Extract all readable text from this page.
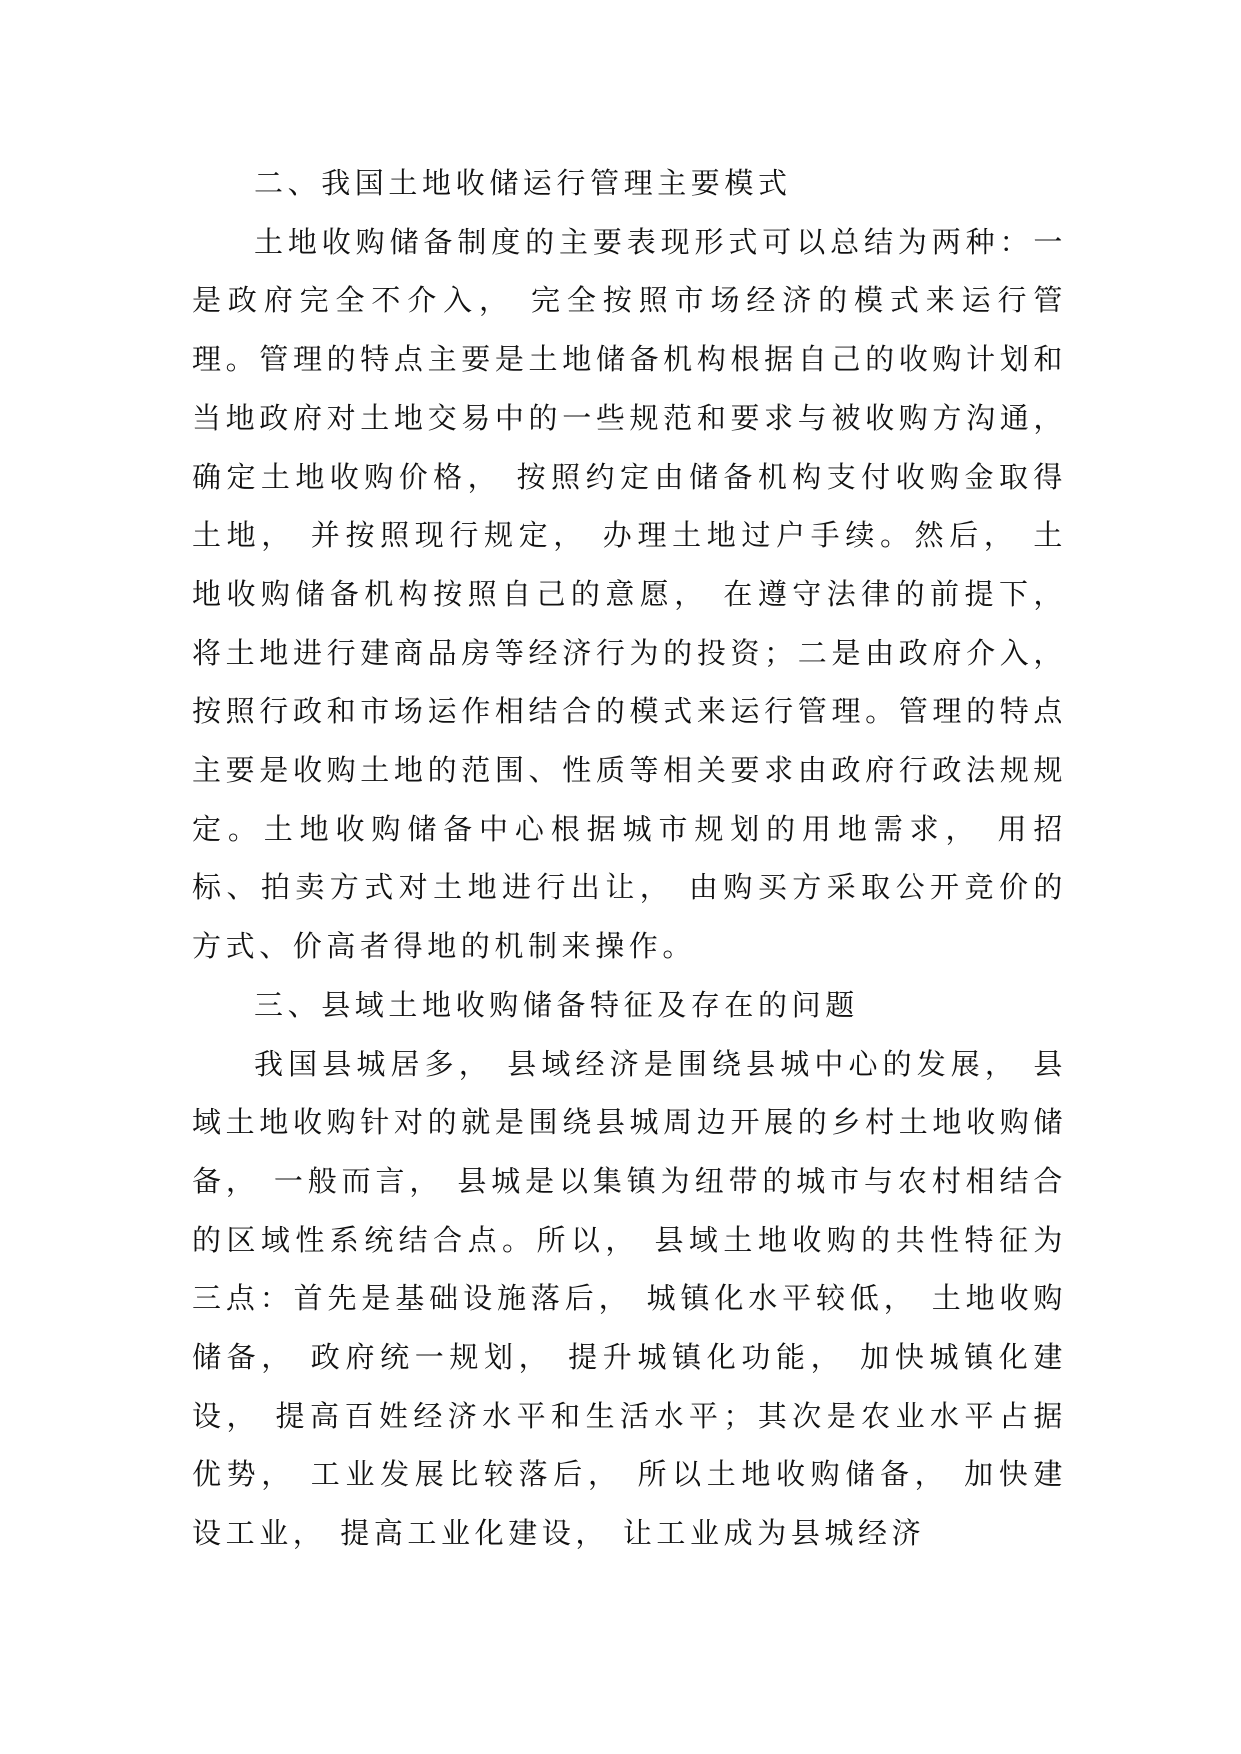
二、我国土地收储运行管理主要模式

土地收购储备制度的主要表现形式可以总结为两种：一是政府完全不介入， 完全按照市场经济的模式来运行管理。管理的特点主要是土地储备机构根据自己的收购计划和当地政府对土地交易中的一些规范和要求与被收购方沟通， 确定土地收购价格， 按照约定由储备机构支付收购金取得土地， 并按照现行规定， 办理土地过户手续。然后， 土地收购储备机构按照自己的意愿， 在遵守法律的前提下， 将土地进行建商品房等经济行为的投资；二是由政府介入，按照行政和市场运作相结合的模式来运行管理。管理的特点主要是收购土地的范围、性质等相关要求由政府行政法规规定。土地收购储备中心根据城市规划的用地需求， 用招标、拍卖方式对土地进行出让， 由购买方采取公开竞价的方式、价高者得地的机制来操作。

三、县域土地收购储备特征及存在的问题

我国县城居多， 县域经济是围绕县城中心的发展， 县域土地收购针对的就是围绕县城周边开展的乡村土地收购储备， 一般而言， 县城是以集镇为纽带的城市与农村相结合的区域性系统结合点。所以， 县域土地收购的共性特征为三点：首先是基础设施落后， 城镇化水平较低， 土地收购储备， 政府统一规划， 提升城镇化功能， 加快城镇化建设， 提高百姓经济水平和生活水平；其次是农业水平占据优势， 工业发展比较落后， 所以土地收购储备， 加快建设工业， 提高工业化建设， 让工业成为县城经济
